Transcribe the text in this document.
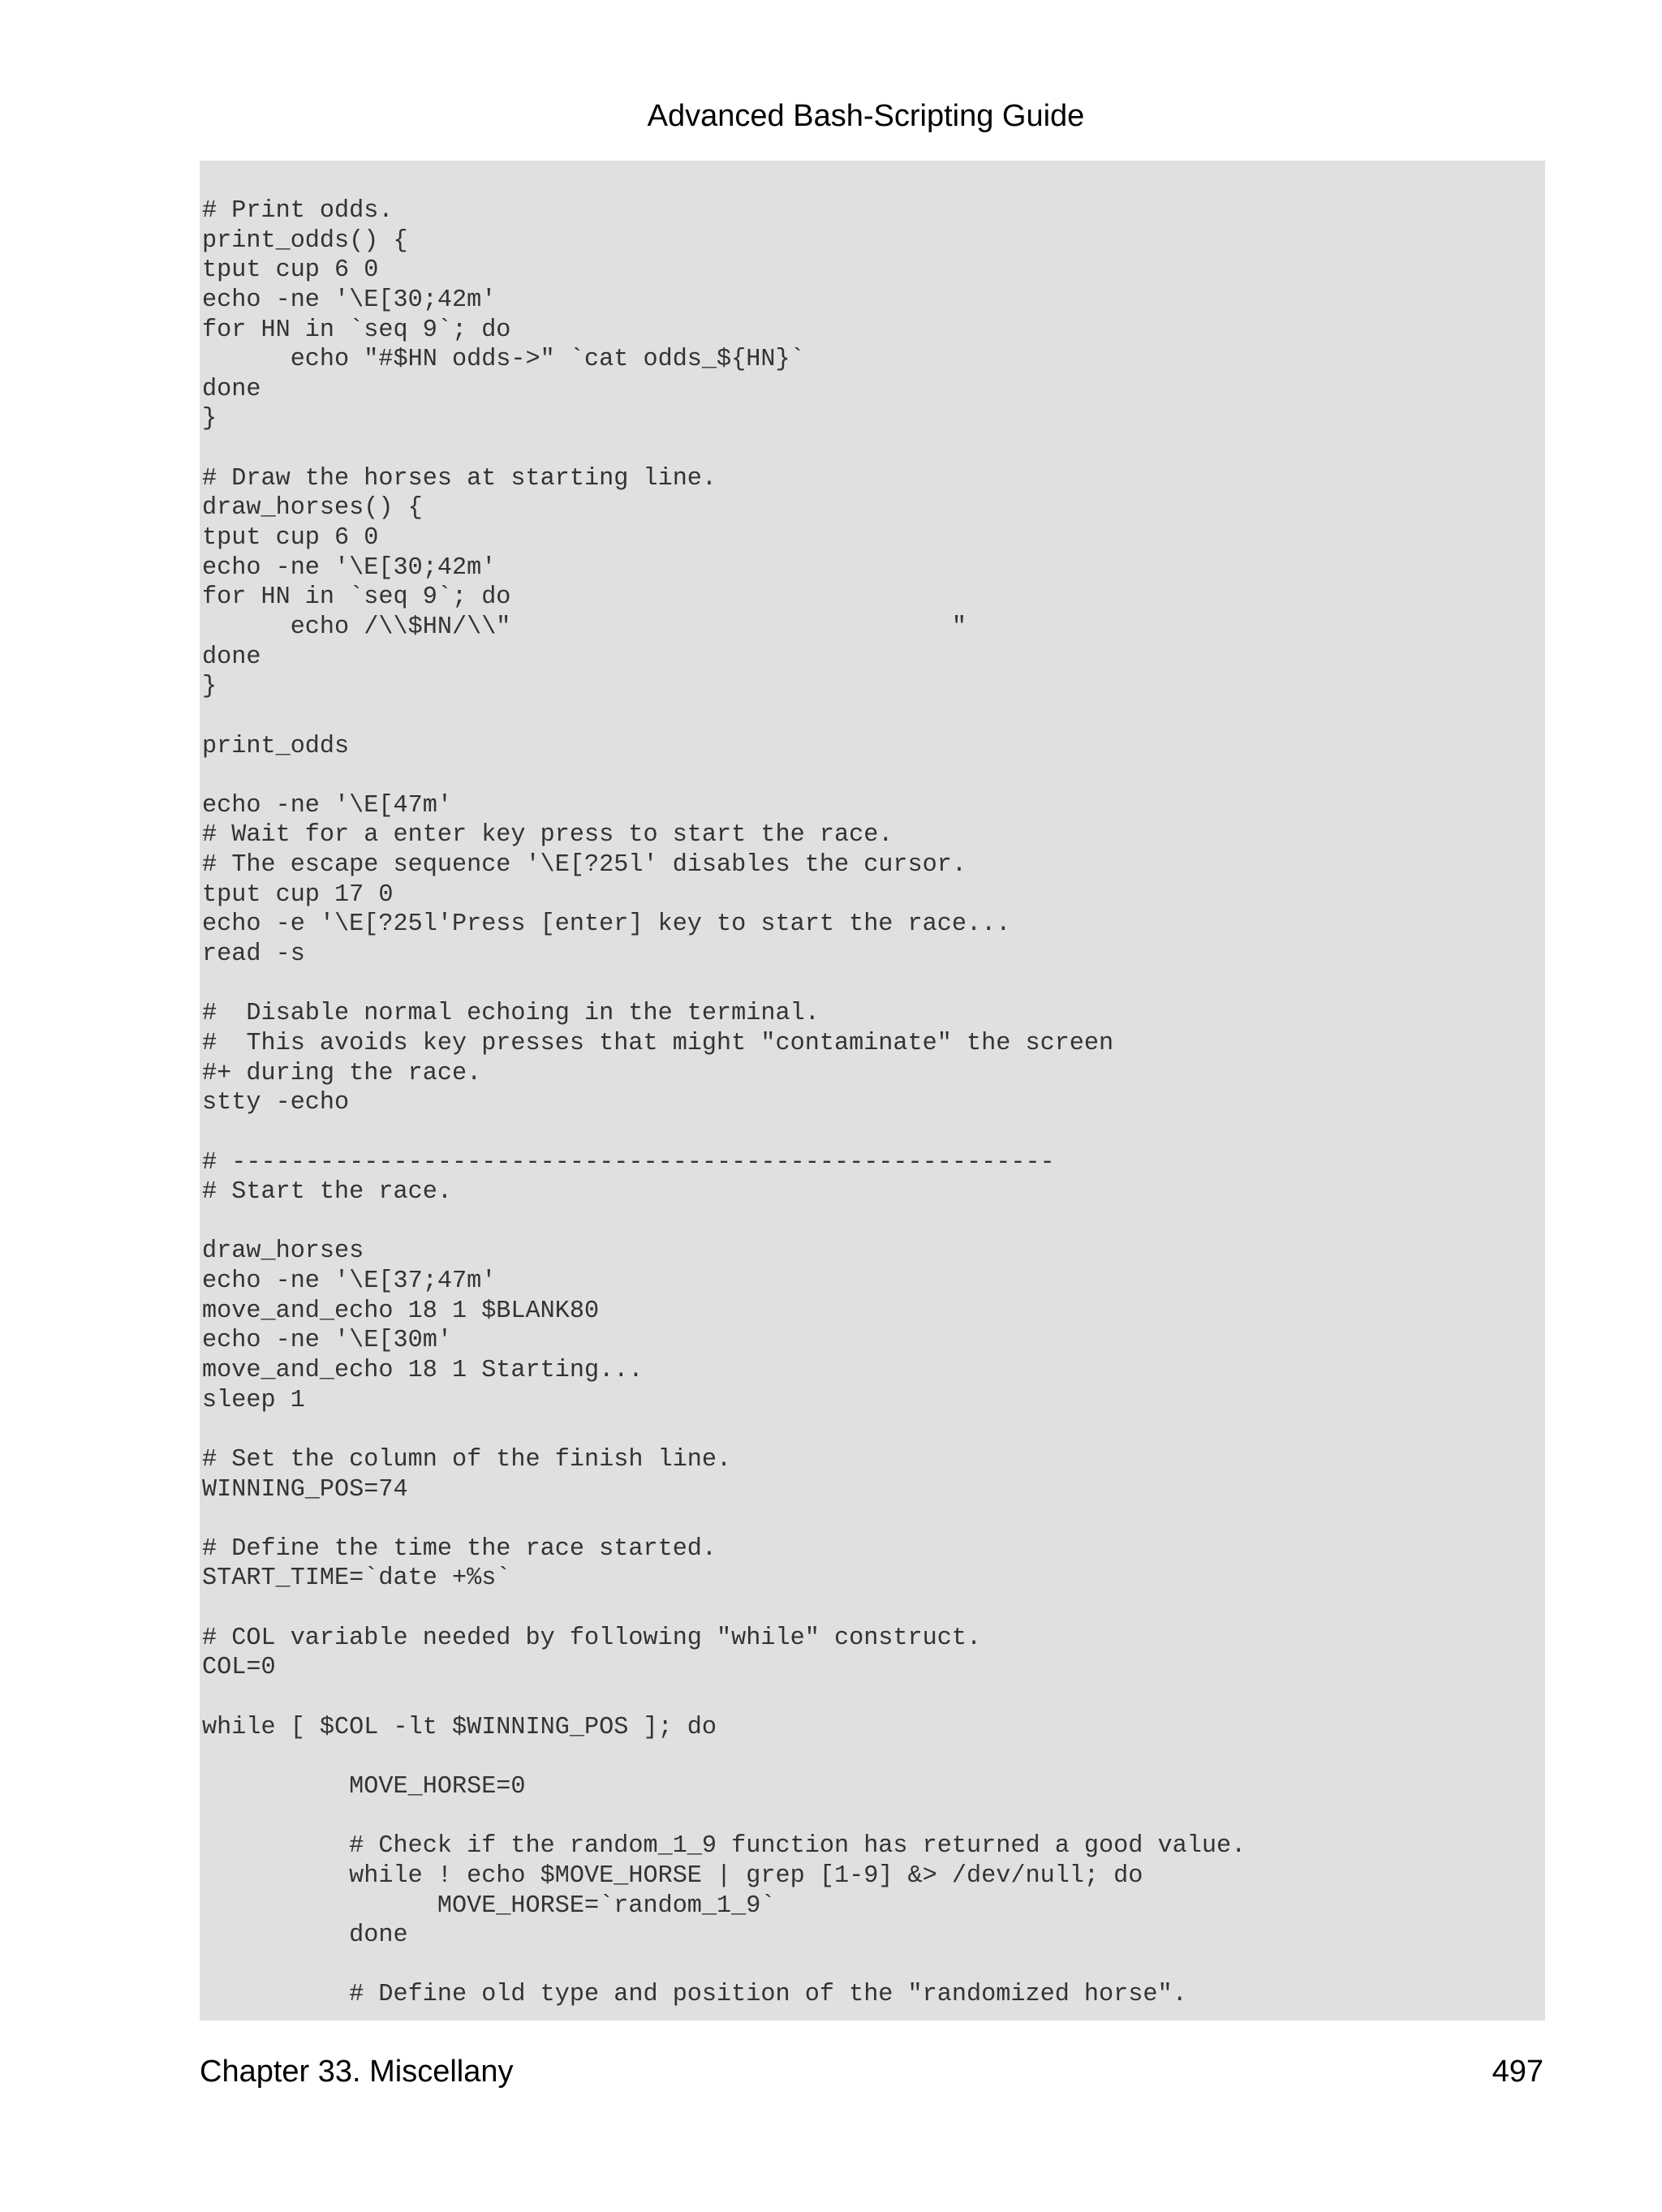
Advanced Bash-Scripting Guide
# Print odds.
print_odds() {
tput cup 6 0
echo -ne '\E[30;42m'
for HN in `seq 9`; do
echo "#$HN odds->" `cat odds_${HN}`
done
}
# Draw the horses at starting line.
draw_horses() {
tput cup 6 0
echo -ne '\E[30;42m'
for HN in `seq 9`; do
echo /\\$HN/\\"                              "
done
}
print_odds
echo -ne '\E[47m'
# Wait for a enter key press to start the race.
# The escape sequence '\E[?25l' disables the cursor.
tput cup 17 0
echo -e '\E[?25l'Press [enter] key to start the race...
read -s
#  Disable normal echoing in the terminal.
#  This avoids key presses that might "contaminate" the screen
#+ during the race.
stty -echo
# --------------------------------------------------------
# Start the race.
draw_horses
echo -ne '\E[37;47m'
move_and_echo 18 1 $BLANK80
echo -ne '\E[30m'
move_and_echo 18 1 Starting...
sleep 1
# Set the column of the finish line.
WINNING_POS=74
# Define the time the race started.
START_TIME=`date +%s`
# COL variable needed by following "while" construct.
COL=0
while [ $COL -lt $WINNING_POS ]; do
MOVE_HORSE=0
# Check if the random_1_9 function has returned a good value.
while ! echo $MOVE_HORSE | grep [1-9] &> /dev/null; do
MOVE_HORSE=`random_1_9`
done
# Define old type and position of the "randomized horse".
Chapter 33. Miscellany	497
